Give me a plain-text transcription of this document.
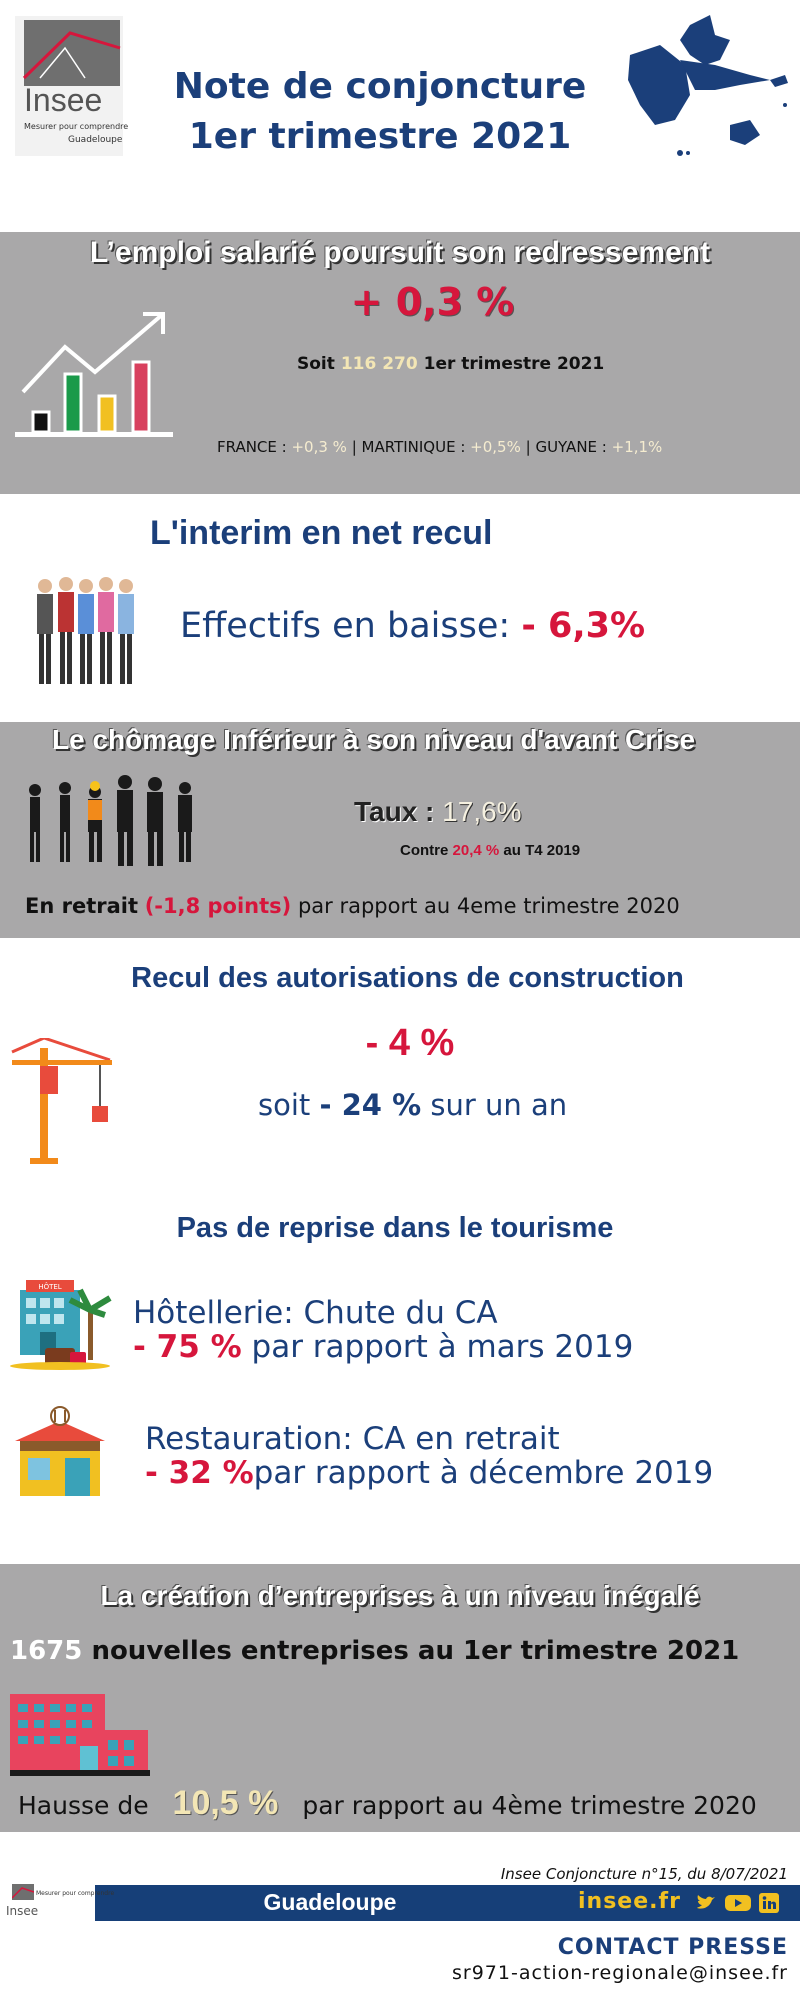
Insee
Mesurer pour comprendre
Guadeloupe
Note de conjoncture
1er trimestre 2021
L’emploi salarié poursuit son redressement
+ 0,3 %
Soit 116 270 1er trimestre 2021
FRANCE : +0,3 % | MARTINIQUE : +0,5% | GUYANE : +1,1%
L'interim en net recul
Effectifs en baisse: - 6,3%
Le chômage Inférieur à son niveau d'avant Crise
Taux : 17,6%
Contre 20,4 % au T4 2019
En retrait (-1,8 points) par rapport au 4eme trimestre 2020
Recul des autorisations de construction
- 4 %
soit - 24 % sur un an
Pas de reprise dans le tourisme
HÔTEL
Hôtellerie: Chute du CA
- 75 % par rapport à mars 2019
Restauration: CA en retrait
- 32 %par rapport à décembre 2019
La création d’entreprises à un niveau inégalé
1675 nouvelles entreprises au 1er trimestre 2021
Hausse de 10,5 % par rapport au 4ème trimestre 2020
Insee Conjoncture n°15, du 8/07/2021
Guadeloupe	insee.fr
Insee
Mesurer pour comprendre
CONTACT PRESSE
sr971-action-regionale@insee.fr
